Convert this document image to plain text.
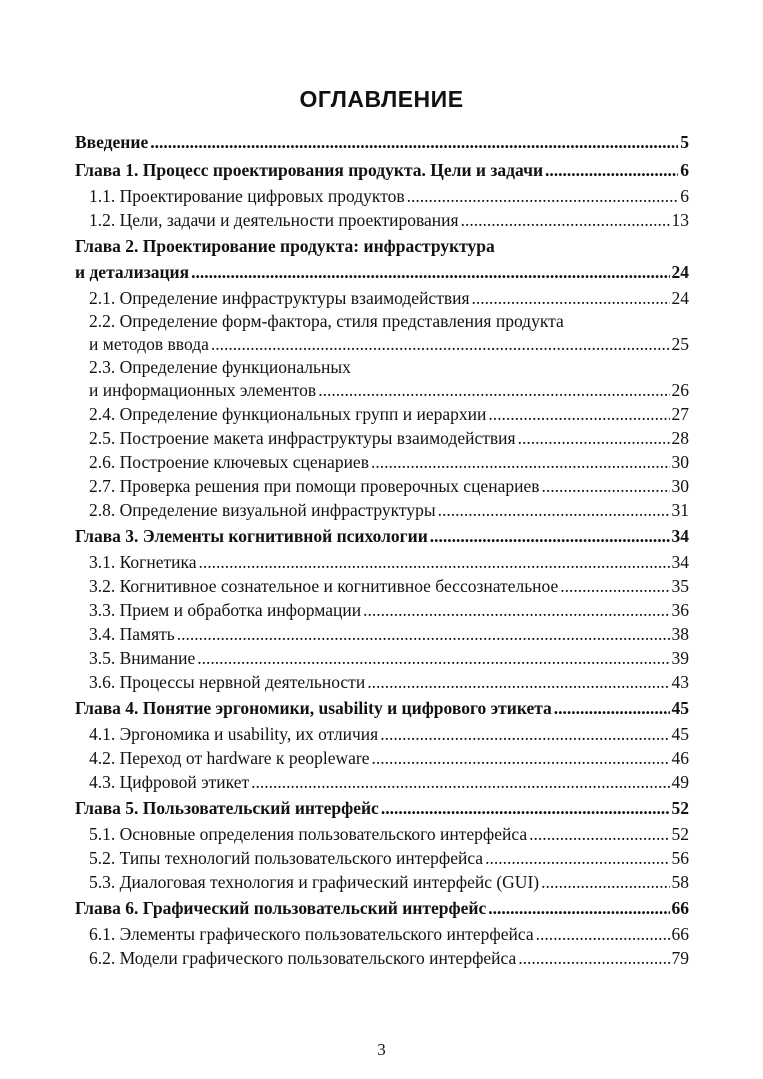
ОГЛАВЛЕНИЕ
Введение .....	5
Глава 1. Процесс проектирования продукта. Цели и задачи .....	6
1.1. Проектирование цифровых продуктов .....	6
1.2. Цели, задачи и деятельности проектирования .....	13
Глава 2. Проектирование продукта: инфраструктура
и детализация .....	24
2.1. Определение инфраструктуры взаимодействия .....	24
2.2. Определение форм-фактора, стиля представления продукта
и методов ввода .....	25
2.3. Определение функциональных
и информационных элементов .....	26
2.4. Определение функциональных групп и иерархии .....	27
2.5. Построение макета инфраструктуры взаимодействия .....	28
2.6. Построение ключевых сценариев .....	30
2.7. Проверка решения при помощи проверочных сценариев .....	30
2.8. Определение визуальной инфраструктуры .....	31
Глава 3. Элементы когнитивной психологии .....	34
3.1. Когнетика .....	34
3.2. Когнитивное сознательное и когнитивное бессознательное .....	35
3.3. Прием и обработка информации .....	36
3.4. Память .....	38
3.5. Внимание .....	39
3.6. Процессы нервной деятельности .....	43
Глава 4. Понятие эргономики, usability и цифрового этикета .....	45
4.1. Эргономика и usability, их отличия .....	45
4.2. Переход от hardware к peopleware .....	46
4.3. Цифровой этикет .....	49
Глава 5. Пользовательский интерфейс .....	52
5.1. Основные определения пользовательского интерфейса .....	52
5.2. Типы технологий пользовательского интерфейса .....	56
5.3. Диалоговая технология и графический интерфейс (GUI) .....	58
Глава 6. Графический пользовательский интерфейс .....	66
6.1. Элементы графического пользовательского интерфейса .....	66
6.2. Модели графического пользовательского интерфейса .....	79
3
